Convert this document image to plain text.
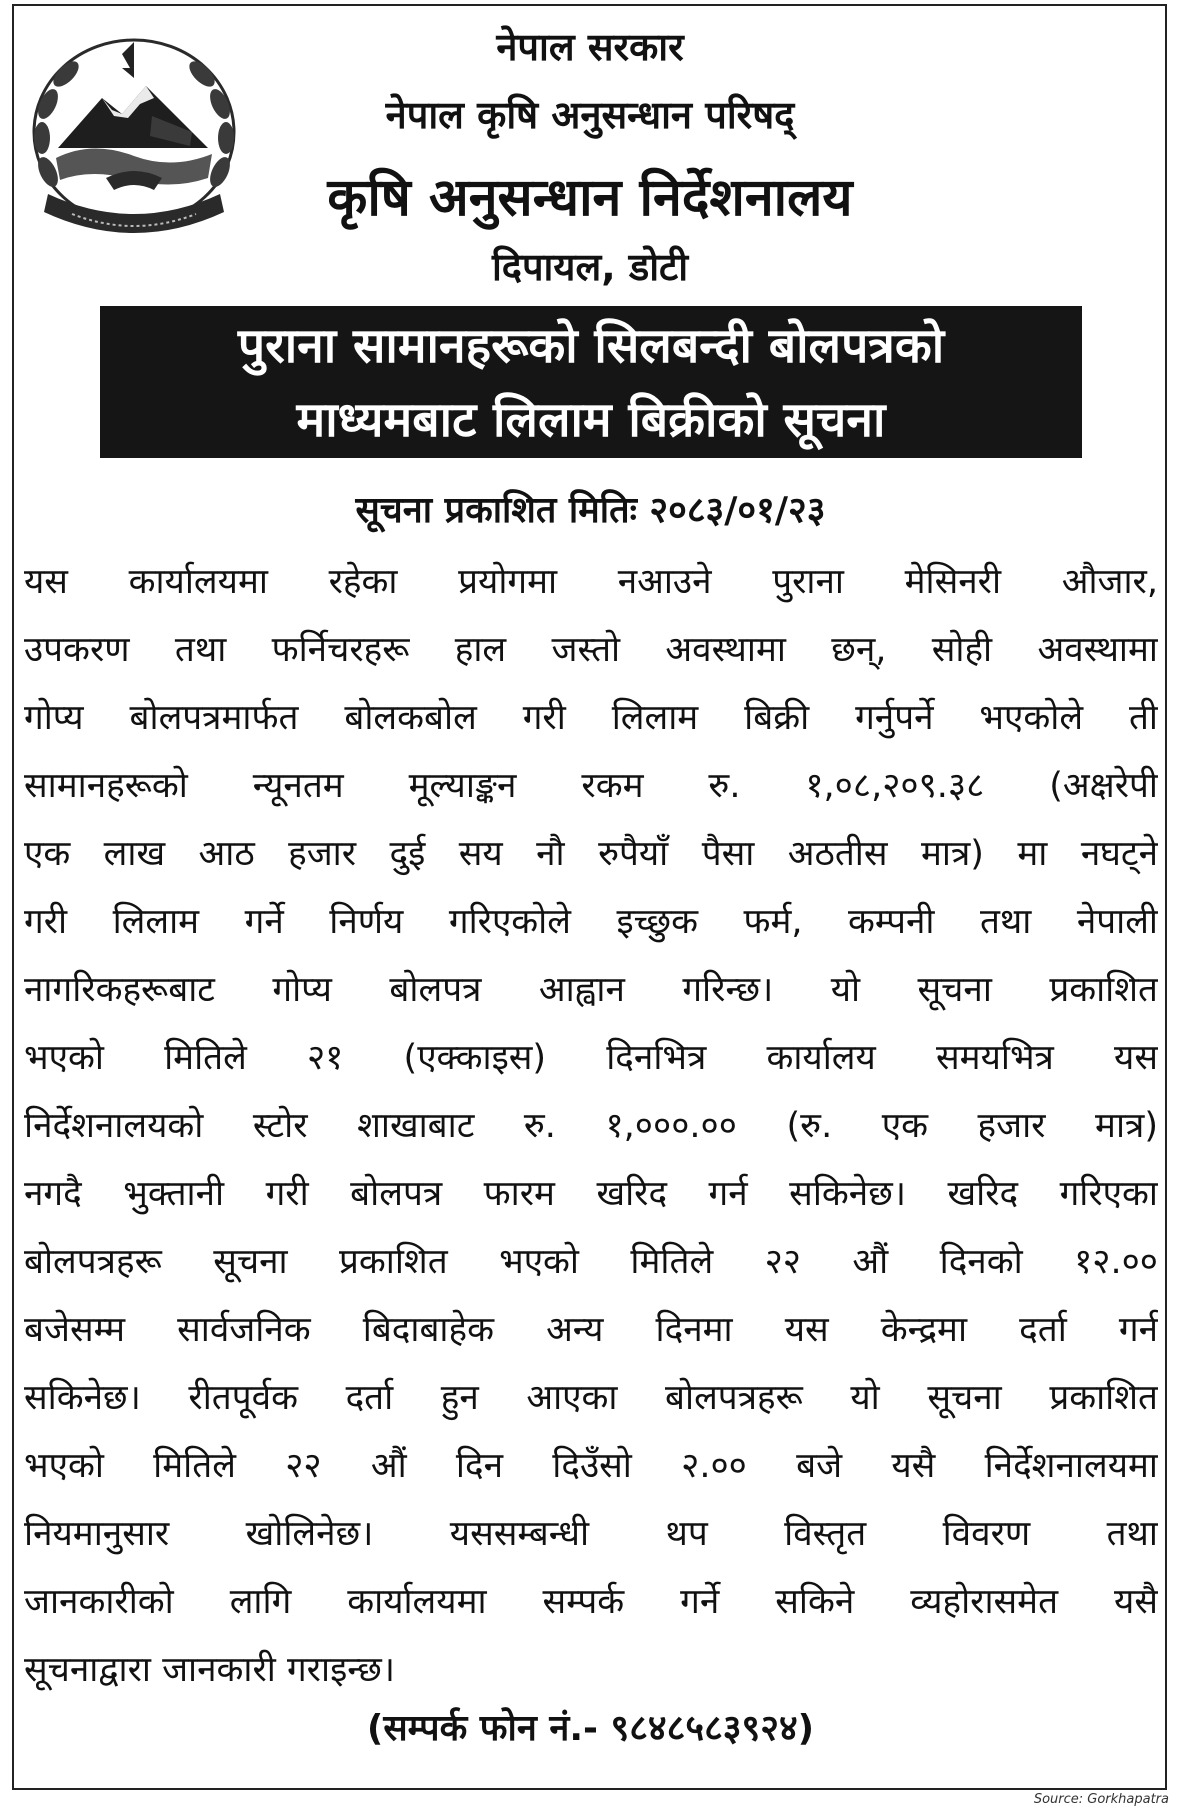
नेपाल सरकार
नेपाल कृषि अनुसन्धान परिषद्
कृषि अनुसन्धान निर्देशनालय
दिपायल, डोटी
पुराना सामानहरूको सिलबन्दी बोलपत्रको
माध्यमबाट लिलाम बिक्रीको सूचना
सूचना प्रकाशित मितिः २०८३/०१/२३
यस कार्यालयमा रहेका प्रयोगमा नआउने पुराना मेसिनरी औजार,
उपकरण तथा फर्निचरहरू हाल जस्तो अवस्थामा छन्, सोही अवस्थामा
गोप्य बोलपत्रमार्फत बोलकबोल गरी लिलाम बिक्री गर्नुपर्ने भएकोले ती
सामानहरूको न्यूनतम मूल्याङ्कन रकम रु. १,०८,२०९.३८ (अक्षरेपी
एक लाख आठ हजार दुई सय नौ रुपैयाँ पैसा अठतीस मात्र) मा नघट्ने
गरी लिलाम गर्ने निर्णय गरिएकोले इच्छुक फर्म, कम्पनी तथा नेपाली
नागरिकहरूबाट गोप्य बोलपत्र आह्वान गरिन्छ। यो सूचना प्रकाशित
भएको मितिले २१ (एक्काइस) दिनभित्र कार्यालय समयभित्र यस
निर्देशनालयको स्टोर शाखाबाट रु. १,०००.०० (रु. एक हजार मात्र)
नगदै भुक्तानी गरी बोलपत्र फारम खरिद गर्न सकिनेछ। खरिद गरिएका
बोलपत्रहरू सूचना प्रकाशित भएको मितिले २२ औं दिनको १२.००
बजेसम्म सार्वजनिक बिदाबाहेक अन्य दिनमा यस केन्द्रमा दर्ता गर्न
सकिनेछ। रीतपूर्वक दर्ता हुन आएका बोलपत्रहरू यो सूचना प्रकाशित
भएको मितिले २२ औं दिन दिउँसो २.०० बजे यसै निर्देशनालयमा
नियमानुसार खोलिनेछ। यससम्बन्धी थप विस्तृत विवरण तथा
जानकारीको लागि कार्यालयमा सम्पर्क गर्ने सकिने व्यहोरासमेत यसै
सूचनाद्वारा जानकारी गराइन्छ।
(सम्पर्क फोन नं.- ९८४८५८३९२४)
Source: Gorkhapatra
